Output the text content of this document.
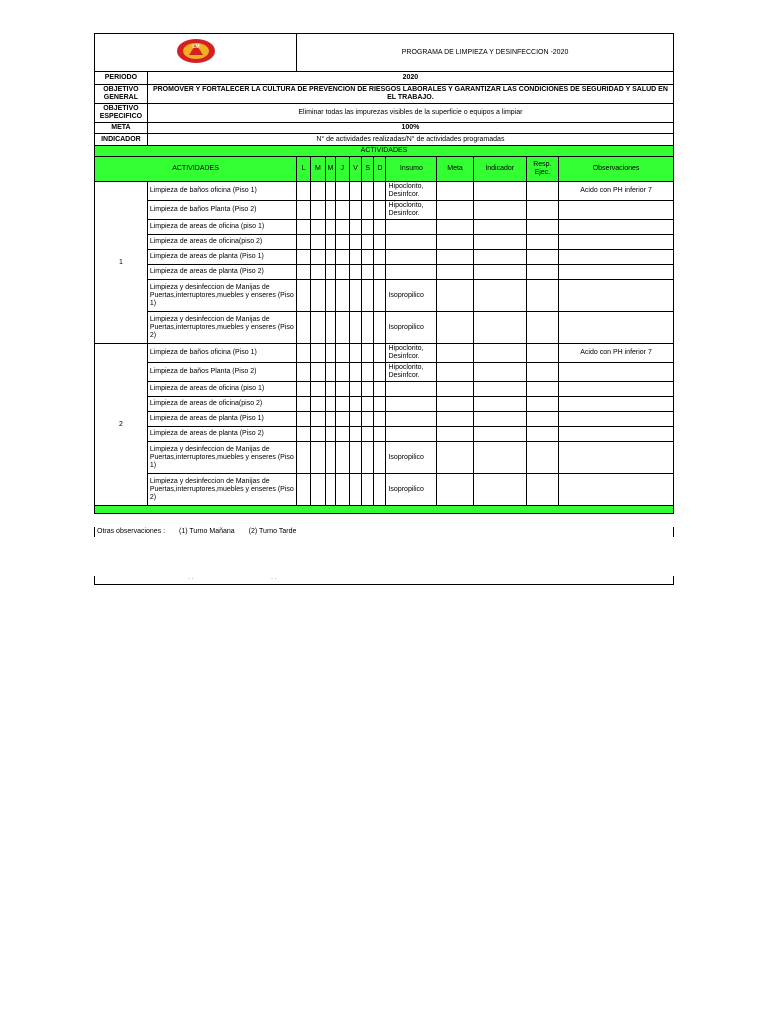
LM		PROGRAMA DE LIMPIEZA Y DESINFECCION -2020											
PERIODO	2020												
OBJETIVO GENERAL	PROMOVER Y FORTALECER LA CULTURA DE PREVENCION DE RIESGOS LABORALES Y GARANTIZAR LAS CONDICIONES DE SEGURIDAD Y SALUD EN EL TRABAJO.												
OBJETIVO ESPECIFICO	Eliminar todas las impurezas visibles de la superficie o equipos a limpiar												
META	100%												
INDICADOR	N° de actividades realizadas/N° de actividades programadas												
ACTIVIDADES													
ACTIVIDADES		L	M	M	J	V	S	D	Insumo	Meta	Indicador	Resp. Ejec.	Observaciones
1	Limpieza de baños oficina (Piso 1)								Hipoclorito, Desinfcor.				Acido con PH inferior 7
	Limpieza de baños Planta (Piso 2)								Hipoclorito, Desinfcor.				
	Limpieza de areas de oficina (piso 1)												
	Limpieza de areas de oficina(piso 2)												
	Limpieza de areas de planta (Piso 1)												
	Limpieza de areas de planta (Piso 2)												
	Limpieza y desinfeccion de Manijas de Puertas,interruptores,muebles y enseres (Piso 1)								Isopropilico				
	Limpieza y desinfeccion de Manijas de Puertas,interruptores,muebles y enseres (Piso 2)								Isopropilico				
2	Limpieza de baños oficina (Piso 1)								Hipoclorito, Desinfcor.				Acido con PH inferior 7
	Limpieza de baños Planta (Piso 2)								Hipoclorito, Desinfcor.				
	Limpieza de areas de oficina (piso 1)												
	Limpieza de areas de oficina(piso 2)												
	Limpieza de areas de planta (Piso 1)												
	Limpieza de areas de planta (Piso 2)												
	Limpieza y desinfeccion de Manijas de Puertas,interruptores,muebles y enseres (Piso 1)								Isopropilico				
	Limpieza y desinfeccion de Manijas de Puertas,interruptores,muebles y enseres (Piso 2)								Isopropilico				

Otras observaciones : (1) Turno Mañana (2) Turno Tarde
· ·	· ·
